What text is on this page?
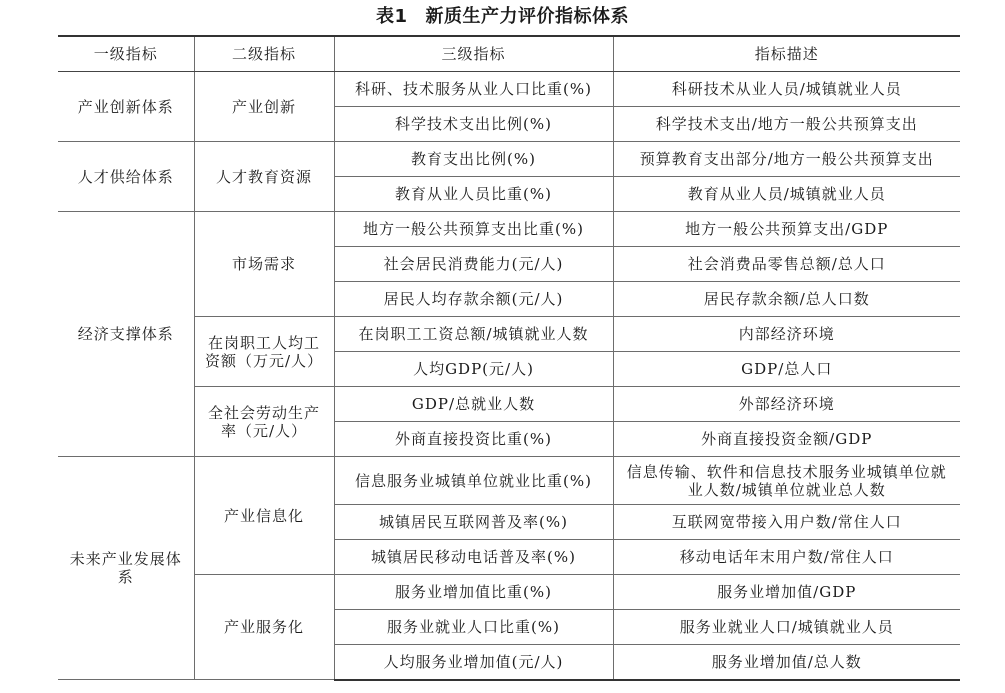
表1 新质生产力评价指标体系
一级指标	二级指标	三级指标	指标描述
产业创新体系	产业创新	科研、技术服务从业人口比重(%)	科研技术从业人员/城镇就业人员
		科学技术支出比例(%)	科学技术支出/地方一般公共预算支出
人才供给体系	人才教育资源	教育支出比例(%)	预算教育支出部分/地方一般公共预算支出
		教育从业人员比重(%)	教育从业人员/城镇就业人员
经济支撑体系	市场需求	地方一般公共预算支出比重(%)	地方一般公共预算支出/GDP
		社会居民消费能力(元/人)	社会消费品零售总额/总人口
		居民人均存款余额(元/人)	居民存款余额/总人口数
	在岗职工人均工资额（万元/人）	在岗职工工资总额/城镇就业人数	内部经济环境
		人均GDP(元/人)	GDP/总人口
	全社会劳动生产率（元/人）	GDP/总就业人数	外部经济环境
		外商直接投资比重(%)	外商直接投资金额/GDP
未来产业发展体系	产业信息化	信息服务业城镇单位就业比重(%)	信息传输、软件和信息技术服务业城镇单位就业人数/城镇单位就业总人数
		城镇居民互联网普及率(%)	互联网宽带接入用户数/常住人口
		城镇居民移动电话普及率(%)	移动电话年末用户数/常住人口
	产业服务化	服务业增加值比重(%)	服务业增加值/GDP
		服务业就业人口比重(%)	服务业就业人口/城镇就业人员
		人均服务业增加值(元/人)	服务业增加值/总人数
